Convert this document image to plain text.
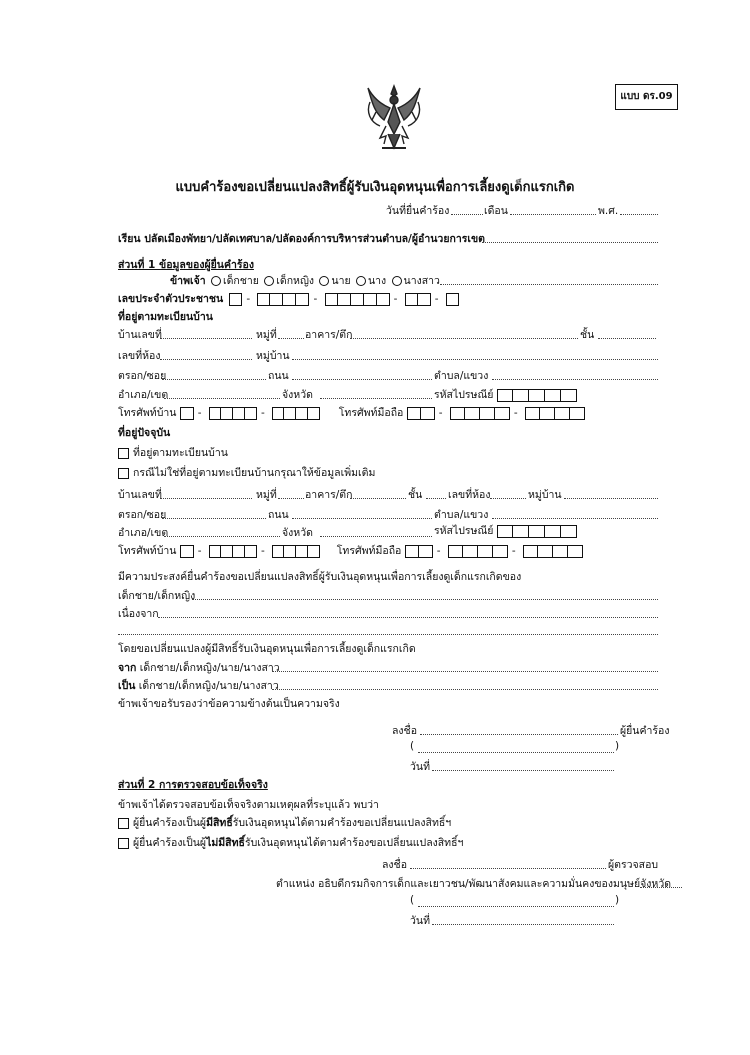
แบบ ดร.09
แบบคำร้องขอเปลี่ยนแปลงสิทธิ์ผู้รับเงินอุดหนุนเพื่อการเลี้ยงดูเด็กแรกเกิด
วันที่ยื่นคำร้อง	เดือน	พ.ศ.
เรียน ปลัดเมืองพัทยา/ปลัดเทศบาล/ปลัดองค์การบริหารส่วนตำบล/ผู้อำนวยการเขต
ส่วนที่ 1 ข้อมูลของผู้ยื่นคำร้อง
ข้าพเจ้า เด็กชาย เด็กหญิง นาย นาง นางสาว
เลขประจำตัวประชาชน -	-	-	-
ที่อยู่ตามทะเบียนบ้าน
บ้านเลขที่	หมู่ที่	อาคาร/ตึก	ชั้น
เลขที่ห้อง	หมู่บ้าน
ตรอก/ซอย	ถนน	ตำบล/แขวง
อำเภอ/เขต	จังหวัด	รหัสไปรษณีย์
โทรศัพท์บ้าน -	-	โทรศัพท์มือถือ	-	-
ที่อยู่ปัจจุบัน
ที่อยู่ตามทะเบียนบ้าน
กรณีไม่ใช่ที่อยู่ตามทะเบียนบ้านกรุณาให้ข้อมูลเพิ่มเติม
บ้านเลขที่	หมู่ที่	อาคาร/ตึก	ชั้น เลขที่ห้อง	หมู่บ้าน
ตรอก/ซอย	ถนน	ตำบล/แขวง
อำเภอ/เขต	จังหวัด	รหัสไปรษณีย์
โทรศัพท์บ้าน -	-	โทรศัพท์มือถือ	-	-
มีความประสงค์ยื่นคำร้องขอเปลี่ยนแปลงสิทธิ์ผู้รับเงินอุดหนุนเพื่อการเลี้ยงดูเด็กแรกเกิดของ
เด็กชาย/เด็กหญิง
เนื่องจาก
โดยขอเปลี่ยนแปลงผู้มีสิทธิ์รับเงินอุดหนุนเพื่อการเลี้ยงดูเด็กแรกเกิด
จาก เด็กชาย/เด็กหญิง/นาย/นางสาว
เป็น เด็กชาย/เด็กหญิง/นาย/นางสาว
ข้าพเจ้าขอรับรองว่าข้อความข้างต้นเป็นความจริง
ลงชื่อ	ผู้ยื่นคำร้อง
(	)
วันที่
ส่วนที่ 2 การตรวจสอบข้อเท็จจริง
ข้าพเจ้าได้ตรวจสอบข้อเท็จจริงตามเหตุผลที่ระบุแล้ว พบว่า
ผู้ยื่นคำร้องเป็นผู้มีสิทธิ์รับเงินอุดหนุนได้ตามคำร้องขอเปลี่ยนแปลงสิทธิ์ฯ
ผู้ยื่นคำร้องเป็นผู้ไม่มีสิทธิ์รับเงินอุดหนุนได้ตามคำร้องขอเปลี่ยนแปลงสิทธิ์ฯ
ลงชื่อ	ผู้ตรวจสอบ
ตำแหน่ง อธิบดีกรมกิจการเด็กและเยาวชน/พัฒนาสังคมและความมั่นคงของมนุษย์จังหวัด
(	)
วันที่
